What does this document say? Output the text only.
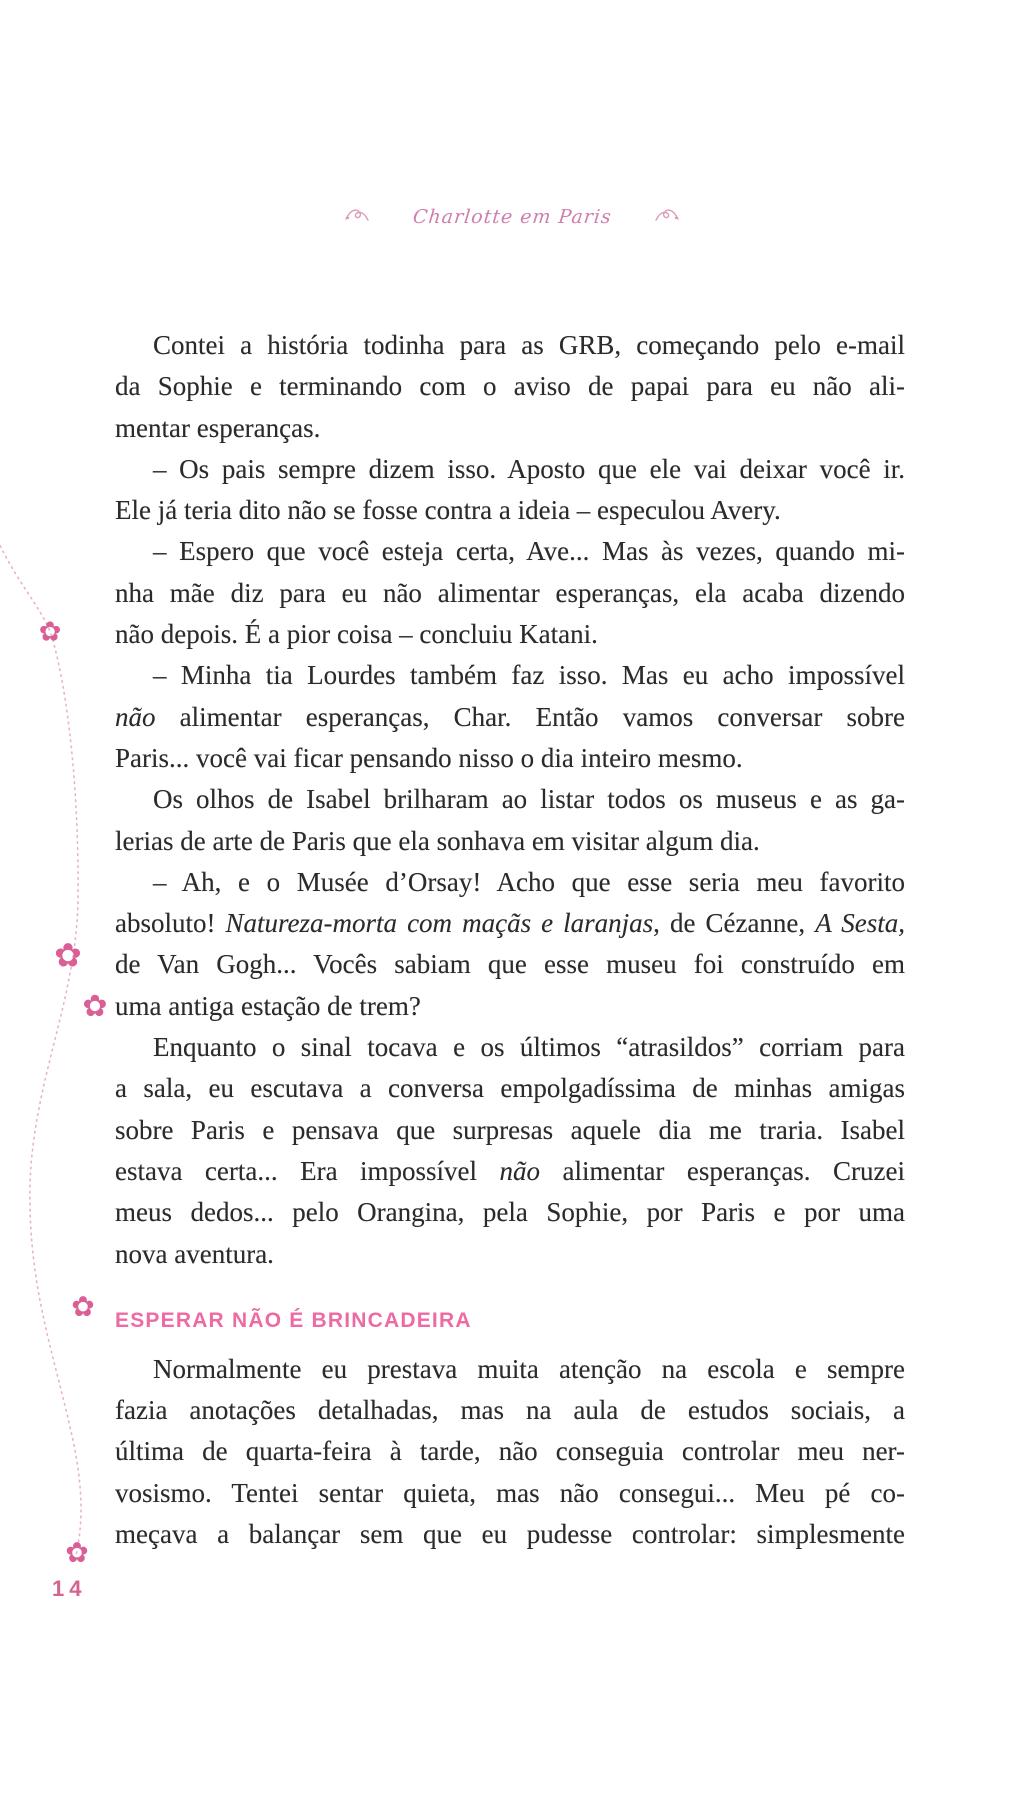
✿
✿
✿
✿
✿
Charlotte em Paris
Contei a história todinha para as GRB, começando pelo e-mail
da Sophie e terminando com o aviso de papai para eu não ali-
mentar esperanças.
– Os pais sempre dizem isso. Aposto que ele vai deixar você ir.
Ele já teria dito não se fosse contra a ideia – especulou Avery.
– Espero que você esteja certa, Ave... Mas às vezes, quando mi-
nha mãe diz para eu não alimentar esperanças, ela acaba dizendo
não depois. É a pior coisa – concluiu Katani.
– Minha tia Lourdes também faz isso. Mas eu acho impossível
não alimentar esperanças, Char. Então vamos conversar sobre
Paris... você vai ficar pensando nisso o dia inteiro mesmo.
Os olhos de Isabel brilharam ao listar todos os museus e as ga-
lerias de arte de Paris que ela sonhava em visitar algum dia.
– Ah, e o Musée d’Orsay! Acho que esse seria meu favorito
absoluto! Natureza-morta com maçãs e laranjas, de Cézanne, A Sesta,
de Van Gogh... Vocês sabiam que esse museu foi construído em
uma antiga estação de trem?
Enquanto o sinal tocava e os últimos “atrasildos” corriam para
a sala, eu escutava a conversa empolgadíssima de minhas amigas
sobre Paris e pensava que surpresas aquele dia me traria. Isabel
estava certa... Era impossível não alimentar esperanças. Cruzei
meus dedos... pelo Orangina, pela Sophie, por Paris e por uma
nova aventura.
ESPERAR NÃO É BRINCADEIRA
Normalmente eu prestava muita atenção na escola e sempre
fazia anotações detalhadas, mas na aula de estudos sociais, a
última de quarta-feira à tarde, não conseguia controlar meu ner-
vosismo. Tentei sentar quieta, mas não consegui... Meu pé co-
meçava a balançar sem que eu pudesse controlar: simplesmente
14
